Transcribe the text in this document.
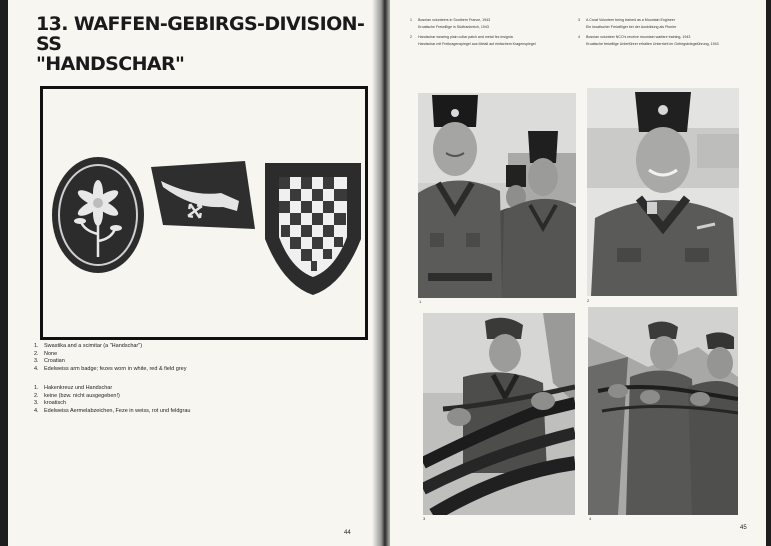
13. WAFFEN-GEBIRGS-DIVISION-SS
"HANDSCHAR"
1. Swastika and a scimitar (a "Handschar")
2. None
3. Croatian
4. Edelweiss arm badge; fezes worn in white, red & field grey
1. Hakenkreuz und Handschar
2. keine (bzw. nicht ausgegeben!)
3. kroatisch
4. Edelweiss Aermelabzeichen, Feze in weiss, rot und feldgrau
44
1	Bosnian volunteers in Southern France, 1943
Kroatische Freiwillige in Südfrankreich, 1943
2	Handschar wearing plain collar patch and metal fez insignia
Handschar mit Freikragenspiegel aus Metall auf einfachem Kragenspiegel
3	A Croat Volunteer being trained as a Mountain Engineer
Ein kroatischer Freiwilliger bei der Ausbildung als Pionier
4	Bosnian volunteer NCO's receive mountain warfare training, 1943
Kroatische freiwillige Unterführer erhalten Unterricht im Gebirgskriegsführung, 1943
1	2
3	4
45
